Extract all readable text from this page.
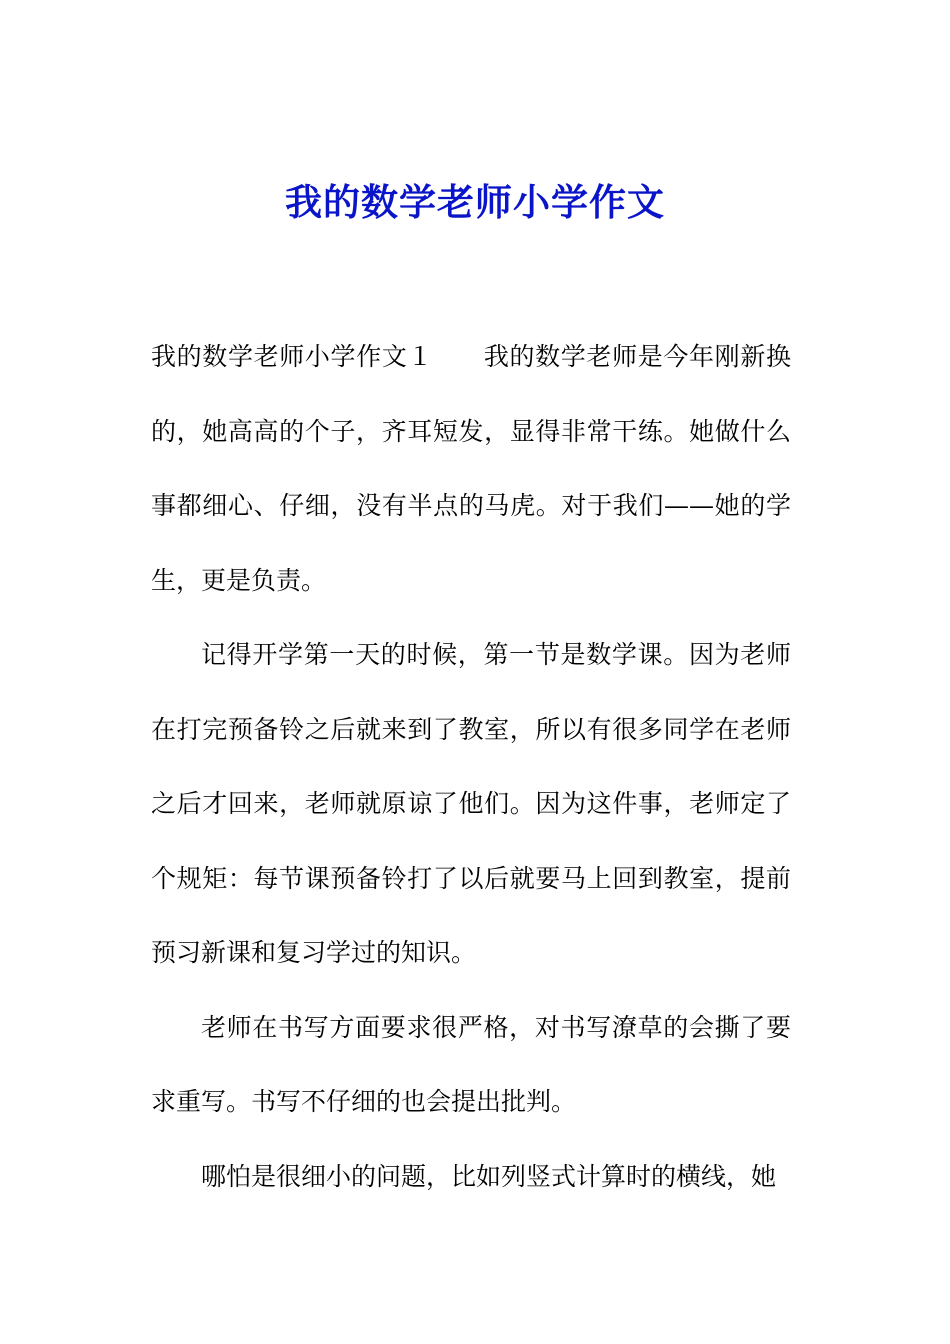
我的数学老师小学作文

我的数学老师小学作文１ 我的数学老师是今年刚新换的，她高高的个子，齐耳短发，显得非常干练。她做什么事都细心、仔细，没有半点的马虎。对于我们——她的学生，更是负责。

记得开学第一天的时候，第一节是数学课。因为老师在打完预备铃之后就来到了教室，所以有很多同学在老师之后才回来，老师就原谅了他们。因为这件事，老师定了个规矩：每节课预备铃打了以后就要马上回到教室，提前预习新课和复习学过的知识。

老师在书写方面要求很严格，对书写潦草的会撕了要求重写。书写不仔细的也会提出批判。

哪怕是很细小的问题，比如列竖式计算时的横线，她
